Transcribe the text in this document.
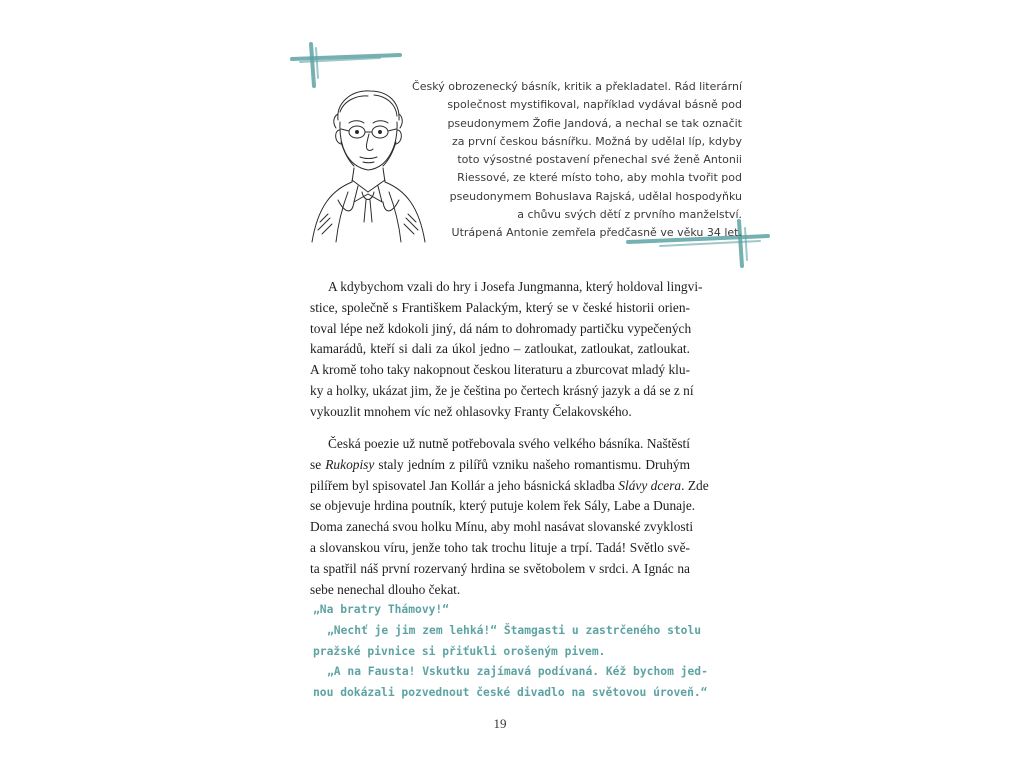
Český obrozenecký básník, kritik a překladatel. Rád literární
společnost mystifikoval, například vydával básně pod
pseudonymem Žofie Jandová, a nechal se tak označit
za první českou básnířku. Možná by udělal líp, kdyby
toto výsostné postavení přenechal své ženě Antonii
Riessové, ze které místo toho, aby mohla tvořit pod
pseudonymem Bohuslava Rajská, udělal hospodyňku
a chůvu svých dětí z prvního manželství.
Utrápená Antonie zemřela předčasně ve věku 34 let.
A kdybychom vzali do hry i Josefa Jungmanna, který holdoval lingvi-
stice, společně s Františkem Palackým, který se v české historii orien-
toval lépe než kdokoli jiný, dá nám to dohromady partičku vypečených
kamarádů, kteří si dali za úkol jedno – zatloukat, zatloukat, zatloukat.
A kromě toho taky nakopnout českou literaturu a zburcovat mladý klu-
ky a holky, ukázat jim, že je čeština po čertech krásný jazyk a dá se z ní
vykouzlit mnohem víc než ohlasovky Franty Čelakovského.
Česká poezie už nutně potřebovala svého velkého básníka. Naštěstí
se Rukopisy staly jedním z pilířů vzniku našeho romantismu. Druhým
pilířem byl spisovatel Jan Kollár a jeho básnická skladba Slávy dcera. Zde
se objevuje hrdina poutník, který putuje kolem řek Sály, Labe a Dunaje.
Doma zanechá svou holku Mínu, aby mohl nasávat slovanské zvyklosti
a slovanskou víru, jenže toho tak trochu lituje a trpí. Tadá! Světlo svě-
ta spatřil náš první rozervaný hrdina se světobolem v srdci. A Ignác na
sebe nenechal dlouho čekat.
„Na bratry Thámovy!“
„Nechť je jim zem lehká!“ Štamgasti u zastrčeného stolu
pražské pivnice si přiťukli orošeným pivem.
„A na Fausta! Vskutku zajímavá podívaná. Kéž bychom jed-
nou dokázali pozvednout české divadlo na světovou úroveň.“
19
